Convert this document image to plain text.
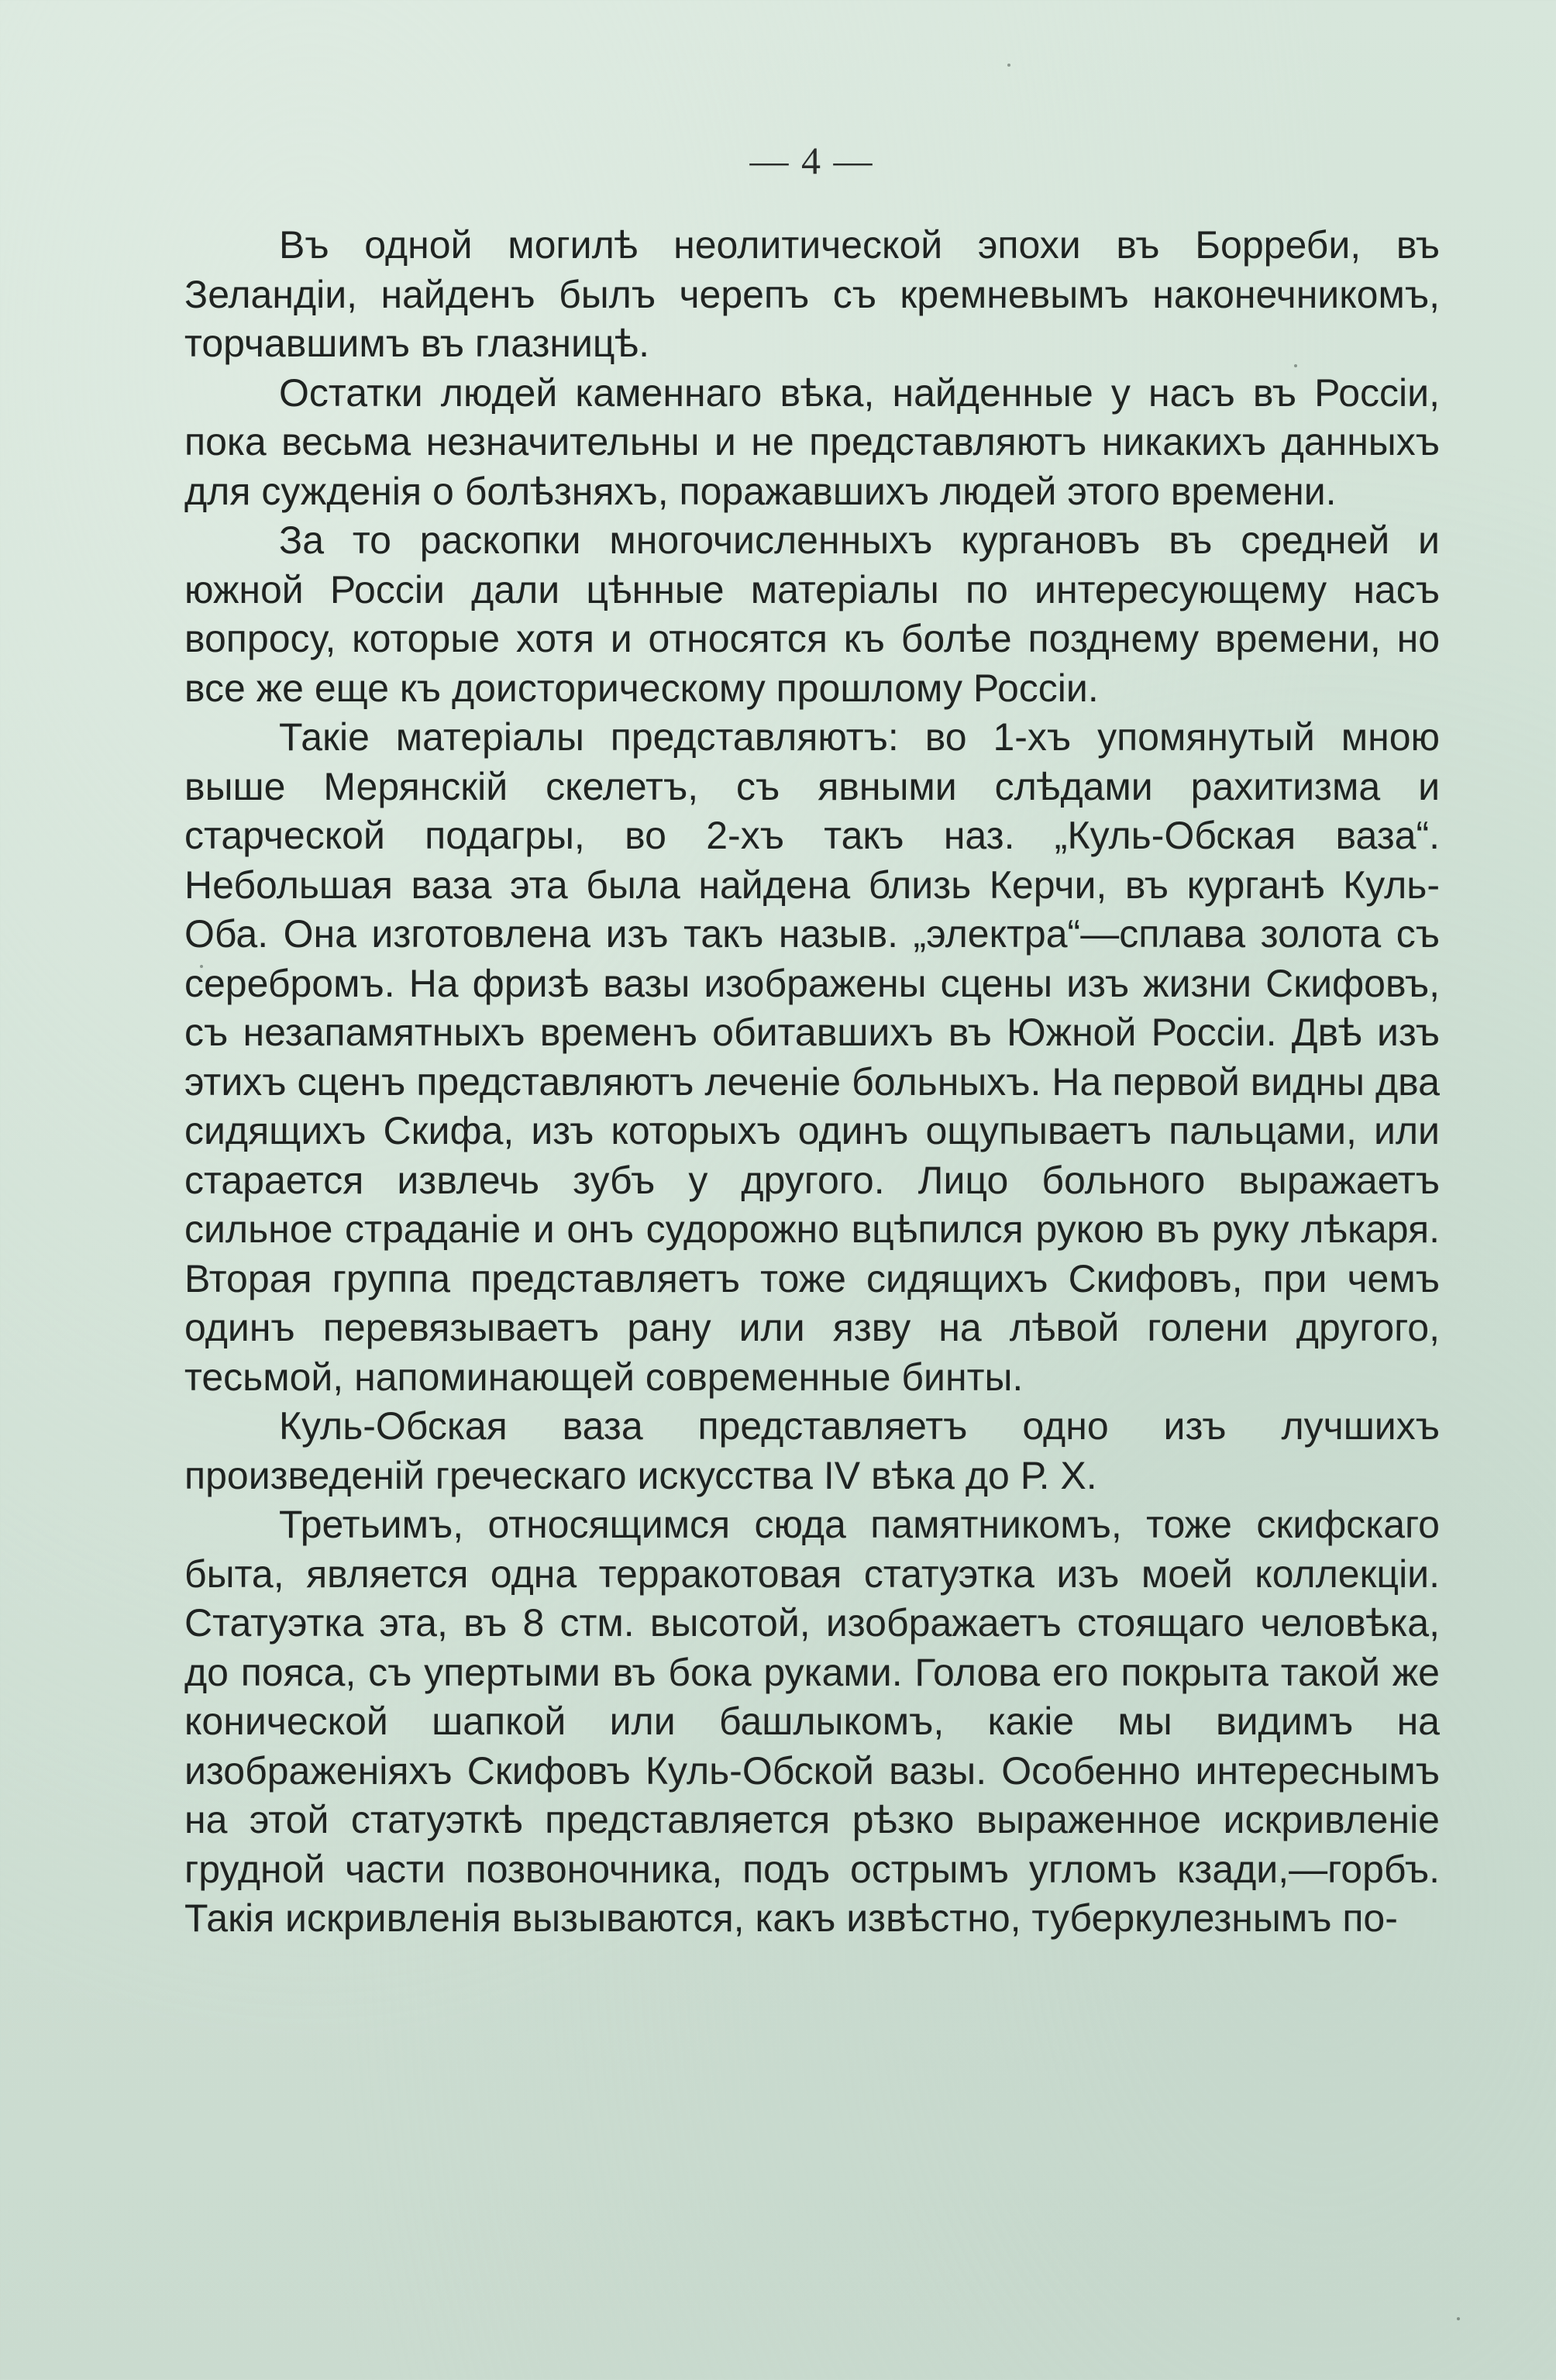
— 4 —

Въ одной могилѣ неолитической эпохи въ Борреби, въ Зеландіи, найденъ былъ черепъ съ кремневымъ наконечникомъ, торчавшимъ въ глазницѣ.

Остатки людей каменнаго вѣка, найденные у насъ въ Россіи, пока весьма незначительны и не представляютъ никакихъ данныхъ для сужденія о болѣзняхъ, поражавшихъ людей этого времени.

За то раскопки многочисленныхъ кургановъ въ средней и южной Россіи дали цѣнные матеріалы по интересующему насъ вопросу, которые хотя и относятся къ болѣе позднему времени, но все же еще къ доисторическому прошлому Россіи.

Такіе матеріалы представляютъ: во 1-хъ упомянутый мною выше Мерянскій скелетъ, съ явными слѣдами рахитизма и старческой подагры, во 2-хъ такъ наз. „Куль-Обская ваза“. Небольшая ваза эта была найдена близь Керчи, въ курганѣ Куль-Оба. Она изготовлена изъ такъ назыв. „электра“—сплава золота съ серебромъ. На фризѣ вазы изображены сцены изъ жизни Скифовъ, съ незапамятныхъ временъ обитавшихъ въ Южной Россіи. Двѣ изъ этихъ сценъ представляютъ леченіе больныхъ. На первой видны два сидящихъ Скифа, изъ которыхъ одинъ ощупываетъ пальцами, или старается извлечь зубъ у другого. Лицо больного выражаетъ сильное страданіе и онъ судорожно вцѣпился рукою въ руку лѣкаря. Вторая группа представляетъ тоже сидящихъ Скифовъ, при чемъ одинъ перевязываетъ рану или язву на лѣвой голени другого, тесьмой, напоминающей современные бинты.

Куль-Обская ваза представляетъ одно изъ лучшихъ произведеній греческаго искусства IV вѣка до Р. Х.

Третьимъ, относящимся сюда памятникомъ, тоже скифскаго быта, является одна терракотовая статуэтка изъ моей коллекціи. Статуэтка эта, въ 8 стм. высотой, изображаетъ стоящаго человѣка, до пояса, съ упертыми въ бока руками. Голова его покрыта такой же конической шапкой или башлыкомъ, какіе мы видимъ на изображеніяхъ Скифовъ Куль-Обской вазы. Особенно интереснымъ на этой статуэткѣ представляется рѣзко выраженное искривленіе грудной части позвоночника, подъ острымъ угломъ кзади,—горбъ. Такія искривленія вызываются, какъ извѣстно, туберкулезнымъ по-
